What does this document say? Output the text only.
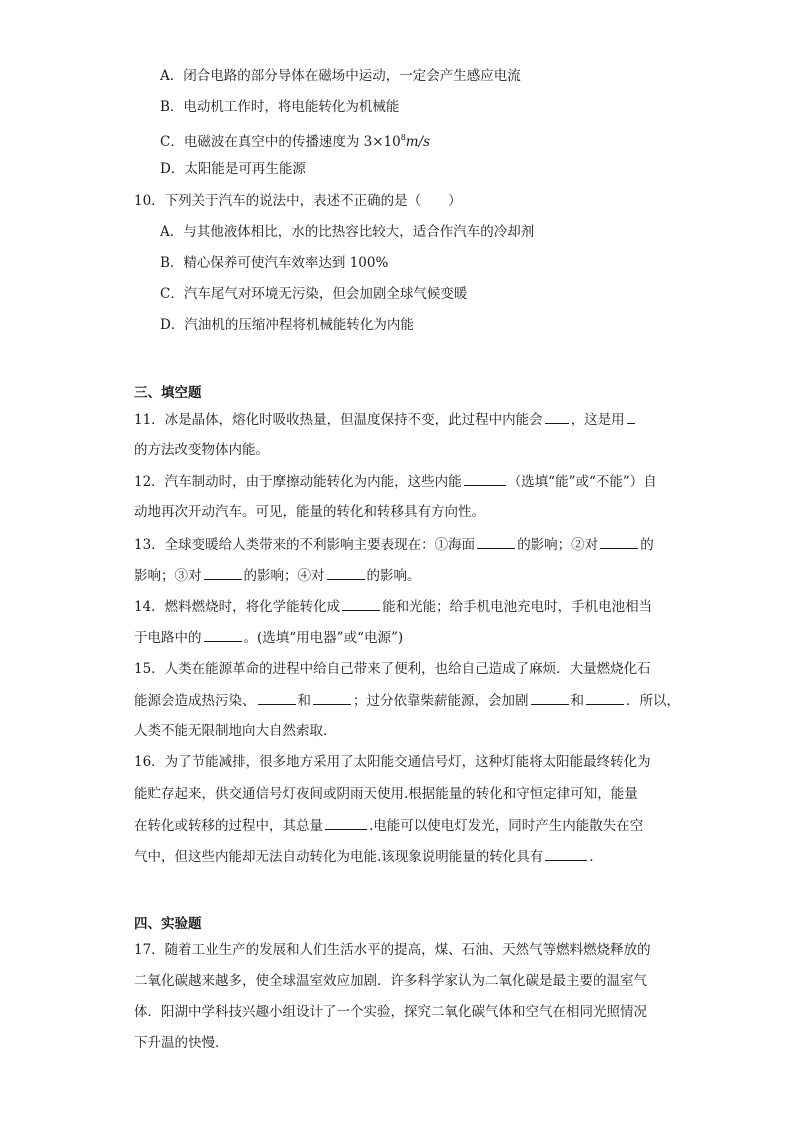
A．闭合电路的部分导体在磁场中运动，一定会产生感应电流
B．电动机工作时，将电能转化为机械能
C．电磁波在真空中的传播速度为 $3\times 10^8m/s$
D．太阳能是可再生能源
10．下列关于汽车的说法中，表述不正确的是（　　）
A．与其他液体相比，水的比热容比较大，适合作汽车的冷却剂
B．精心保养可使汽车效率达到 100%
C．汽车尾气对环境无污染，但会加剧全球气候变暖
D．汽油机的压缩冲程将机械能转化为内能
三、填空题
11．冰是晶体，熔化时吸收热量，但温度保持不变，此过程中内能会 ，这是用
的方法改变物体内能。
12．汽车制动时，由于摩擦动能转化为内能，这些内能	（选填“能”或“不能”）自
动地再次开动汽车。可见，能量的转化和转移具有方向性。
13．全球变暖给人类带来的不利影响主要表现在：①海面	的影响；②对	的
影响；③对	的影响；④对	的影响。
14．燃料燃烧时，将化学能转化成	能和光能；给手机电池充电时，手机电池相当
于电路中的	。(选填“用电器”或“电源”)
15．人类在能源革命的进程中给自己带来了便利，也给自己造成了麻烦．大量燃烧化石
能源会造成热污染、	和	；过分依靠柴薪能源，会加剧	和	．所以，
人类不能无限制地向大自然索取．
16．为了节能减排，很多地方采用了太阳能交通信号灯，这种灯能将太阳能最终转化为
能贮存起来，供交通信号灯夜间或阴雨天使用.根据能量的转化和守恒定律可知，能量
在转化或转移的过程中，其总量	.电能可以使电灯发光，同时产生内能散失在空
气中，但这些内能却无法自动转化为电能.该现象说明能量的转化具有	.
四、实验题
17．随着工业生产的发展和人们生活水平的提高，煤、石油、天然气等燃料燃烧释放的
二氧化碳越来越多，使全球温室效应加剧．许多科学家认为二氧化碳是最主要的温室气
体．阳湖中学科技兴趣小组设计了一个实验，探究二氧化碳气体和空气在相同光照情况
下升温的快慢．
